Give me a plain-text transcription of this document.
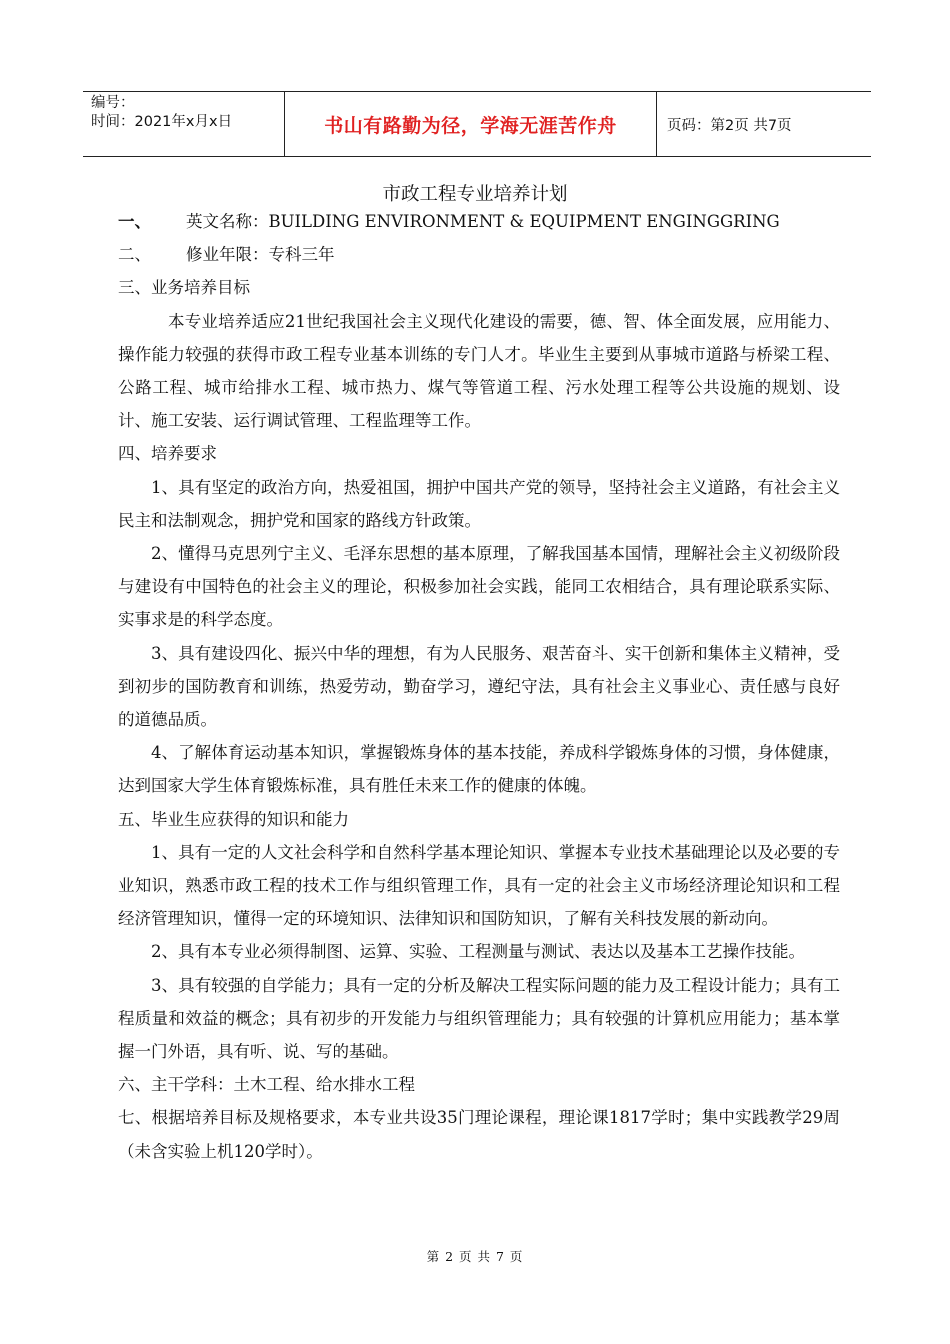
编号：
时间：2021年x月x日	书山有路勤为径，学海无涯苦作舟	页码：第2页 共7页
市政工程专业培养计划
一、 英文名称：BUILDING ENVIRONMENT & EQUIPMENT ENGINGGRING
二、 修业年限：专科三年
三、业务培养目标
本专业培养适应21世纪我国社会主义现代化建设的需要，德、智、体全面发展，应用能力、操作能力较强的获得市政工程专业基本训练的专门人才。毕业生主要到从事城市道路与桥梁工程、公路工程、城市给排水工程、城市热力、煤气等管道工程、污水处理工程等公共设施的规划、设计、施工安装、运行调试管理、工程监理等工作。
四、培养要求
1、具有坚定的政治方向，热爱祖国，拥护中国共产党的领导，坚持社会主义道路，有社会主义民主和法制观念，拥护党和国家的路线方针政策。
2、懂得马克思列宁主义、毛泽东思想的基本原理，了解我国基本国情，理解社会主义初级阶段与建设有中国特色的社会主义的理论，积极参加社会实践，能同工农相结合，具有理论联系实际、实事求是的科学态度。
3、具有建设四化、振兴中华的理想，有为人民服务、艰苦奋斗、实干创新和集体主义精神，受到初步的国防教育和训练，热爱劳动，勤奋学习，遵纪守法，具有社会主义事业心、责任感与良好的道德品质。
4、了解体育运动基本知识，掌握锻炼身体的基本技能，养成科学锻炼身体的习惯，身体健康，达到国家大学生体育锻炼标准，具有胜任未来工作的健康的体魄。
五、毕业生应获得的知识和能力
1、具有一定的人文社会科学和自然科学基本理论知识、掌握本专业技术基础理论以及必要的专业知识，熟悉市政工程的技术工作与组织管理工作，具有一定的社会主义市场经济理论知识和工程经济管理知识，懂得一定的环境知识、法律知识和国防知识，了解有关科技发展的新动向。
2、具有本专业必须得制图、运算、实验、工程测量与测试、表达以及基本工艺操作技能。
3、具有较强的自学能力；具有一定的分析及解决工程实际问题的能力及工程设计能力；具有工程质量和效益的概念；具有初步的开发能力与组织管理能力；具有较强的计算机应用能力；基本掌握一门外语，具有听、说、写的基础。
六、主干学科：土木工程、给水排水工程
七、根据培养目标及规格要求，本专业共设35门理论课程，理论课1817学时；集中实践教学29周（未含实验上机120学时）。
第 2 页 共 7 页
